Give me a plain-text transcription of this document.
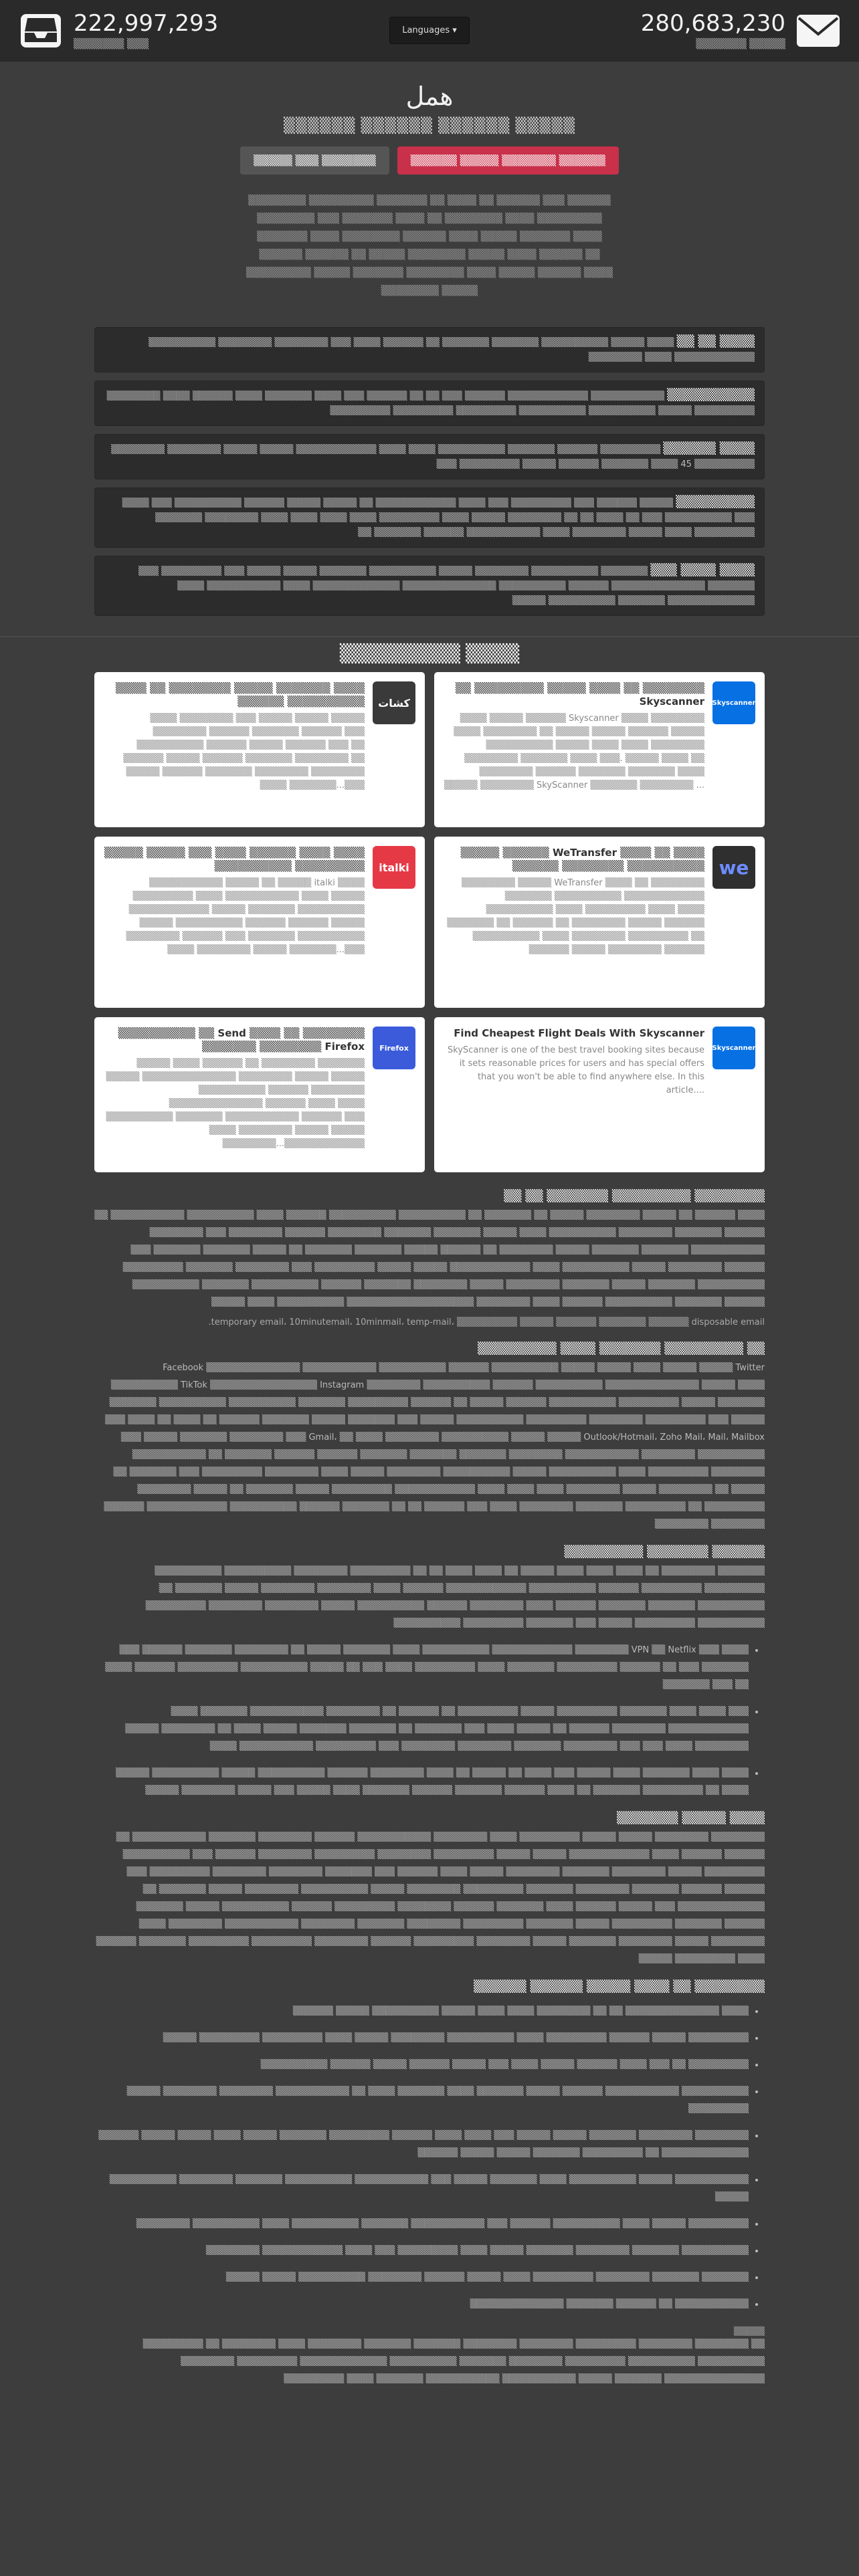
222,997,293
▒▒▒▒▒▒▒ ▒▒▒
Languages ▾	280,683,230
▒▒▒▒▒▒▒ ▒▒▒▒▒
ﻫﻤﻞ
▒▒▒▒▒▒ ▒▒▒▒▒▒ ▒▒▒▒▒▒ ▒▒▒▒▒
▒▒▒▒▒ ▒▒▒ ▒▒▒▒▒▒▒	▒▒▒▒▒▒ ▒▒▒▒▒ ▒▒▒▒▒▒▒ ▒▒▒▒▒▒
▒▒▒▒▒▒▒▒ ▒▒▒▒▒▒▒▒▒ ▒▒▒▒▒▒▒ ▒▒ ▒▒▒▒ ▒▒ ▒▒▒▒▒▒ ▒▒▒ ▒▒▒▒▒▒ ▒▒▒▒▒▒▒▒ ▒▒▒ ▒▒▒▒▒▒▒ ▒▒▒▒ ▒▒ ▒▒▒▒▒▒▒▒ ▒▒▒▒ ▒▒▒▒▒▒▒▒▒ ▒▒▒▒▒▒▒ ▒▒▒▒ ▒▒▒▒▒▒▒▒ ▒▒▒▒▒▒ ▒▒▒▒ ▒▒▒▒▒ ▒▒▒▒▒▒▒ ▒▒▒▒ ▒▒▒▒▒▒ ▒▒▒▒▒▒ ▒▒ ▒▒▒▒▒ ▒▒▒▒▒▒▒▒ ▒▒▒▒▒ ▒▒▒▒ ▒▒▒▒▒▒ ▒▒ ▒▒▒▒▒▒▒▒▒ ▒▒▒▒▒ ▒▒▒▒▒▒▒ ▒▒▒▒▒▒▒▒ ▒▒▒▒ ▒▒▒▒▒ ▒▒▒▒▒▒ ▒▒▒▒ ▒▒▒▒▒▒▒▒ ▒▒▒▒▒
▒▒▒▒ ▒▒ ▒▒ ▒▒▒▒ ▒▒▒▒▒ ▒▒▒▒▒▒▒▒▒▒ ▒▒▒▒▒▒▒ ▒▒▒▒▒▒▒ ▒▒ ▒▒▒▒▒▒ ▒▒▒▒ ▒▒▒ ▒▒▒▒▒▒▒▒ ▒▒▒▒▒▒▒▒ ▒▒▒▒▒▒▒▒▒▒ ▒▒▒▒▒▒▒▒▒▒▒▒ ▒▒▒▒ ▒▒▒▒▒▒▒▒
▒▒▒▒▒▒▒▒▒▒ ▒▒▒▒▒▒▒▒▒▒▒ ▒▒▒▒▒▒▒▒▒▒▒▒ ▒▒▒▒▒▒ ▒▒▒ ▒▒ ▒▒ ▒▒▒▒▒▒ ▒▒▒ ▒▒▒▒ ▒▒▒▒▒▒▒ ▒▒▒▒ ▒▒▒▒▒▒ ▒▒▒▒ ▒▒▒▒▒▒▒▒ ▒▒▒▒▒▒▒▒▒ ▒▒▒▒▒ ▒▒▒▒▒▒▒▒▒▒ ▒▒▒▒▒▒▒▒▒▒ ▒▒▒▒▒▒▒▒▒ ▒▒▒▒▒▒▒▒▒ ▒▒▒▒▒▒▒▒▒
▒▒▒▒ ▒▒▒▒▒▒ ▒▒▒▒▒▒▒▒▒ ▒▒▒▒▒▒ ▒▒▒▒▒▒▒ ▒▒▒▒▒▒▒▒▒▒ ▒▒▒▒ ▒▒▒▒ ▒▒▒▒▒▒▒▒▒▒▒▒ ▒▒▒▒▒ ▒▒▒▒▒ ▒▒▒▒▒▒▒▒ ▒▒▒▒▒▒▒▒ ▒▒▒▒▒▒▒▒▒ 45 ▒▒▒▒ ▒▒▒▒▒▒▒ ▒▒▒▒▒▒ ▒▒▒▒▒ ▒▒▒▒▒▒▒▒▒ ▒▒▒
▒▒▒▒▒▒▒▒▒ ▒▒▒▒▒ ▒▒▒▒▒▒ ▒▒▒ ▒▒▒▒▒▒▒▒▒ ▒▒▒ ▒▒▒▒ ▒▒▒▒▒▒▒▒▒▒▒▒ ▒▒ ▒▒▒▒▒ ▒▒▒▒▒ ▒▒▒▒▒▒ ▒▒▒▒▒▒▒▒▒▒ ▒▒▒ ▒▒▒▒ ▒▒▒ ▒▒▒▒▒▒▒▒▒▒ ▒▒▒ ▒▒ ▒▒▒▒ ▒▒ ▒▒ ▒▒▒▒▒▒▒▒ ▒▒▒▒▒ ▒▒▒▒ ▒▒▒▒▒▒▒▒▒ ▒▒▒▒ ▒▒▒▒ ▒▒▒▒ ▒▒▒▒ ▒▒▒▒▒▒▒▒ ▒▒▒▒▒▒▒ ▒▒▒▒▒▒▒▒▒ ▒▒▒▒ ▒▒▒▒▒ ▒▒▒▒▒▒▒▒ ▒▒▒▒ ▒▒▒▒▒▒▒▒▒▒▒ ▒▒▒▒▒▒ ▒▒▒▒▒▒▒ ▒▒
▒▒▒▒ ▒▒▒▒ ▒▒▒ ▒▒▒▒▒▒▒ ▒▒▒▒▒▒▒▒▒▒ ▒▒▒▒▒▒▒▒ ▒▒▒▒▒ ▒▒▒▒▒▒▒▒▒▒ ▒▒▒▒▒▒▒ ▒▒▒▒▒ ▒▒▒▒▒ ▒▒▒ ▒▒▒▒▒▒▒▒▒ ▒▒▒ ▒▒▒▒▒▒▒ ▒▒▒▒▒▒▒▒▒▒▒▒▒▒ ▒▒▒▒▒▒ ▒▒▒▒▒▒▒▒▒▒ ▒▒▒▒▒▒▒▒▒▒▒▒▒▒ ▒▒▒▒▒▒▒▒▒▒▒▒▒ ▒▒▒▒ ▒▒▒▒▒▒▒▒▒▒▒ ▒▒▒▒ ▒▒▒▒▒▒▒▒▒▒▒▒▒ ▒▒▒▒▒▒▒ ▒▒▒▒▒▒▒▒▒▒ ▒▒▒▒▒
▒▒▒▒▒▒▒▒▒ ▒▒▒▒
ﻛﺸﺎﺕ
▒▒▒▒ ▒▒ ▒▒▒▒▒▒▒▒ ▒▒▒▒▒ ▒▒▒▒▒▒▒ ▒▒▒▒ ▒▒▒▒▒▒ ▒▒▒▒▒▒▒▒▒▒
▒▒▒▒ ▒▒▒▒▒▒▒▒ ▒▒▒ ▒▒▒▒▒ ▒▒▒▒▒ ▒▒▒▒▒ ▒▒▒▒▒▒▒▒ ▒▒▒▒▒▒ ▒▒▒▒▒▒▒ ▒▒▒▒▒▒ ▒▒▒ ▒▒▒▒▒▒▒▒▒▒ ▒▒▒▒▒▒ ▒▒▒▒▒ ▒▒▒▒▒▒ ▒▒▒ ▒▒ ▒▒▒▒▒▒ ▒▒▒▒▒ ▒▒▒▒▒▒ ▒▒▒▒▒▒▒ ▒▒▒▒▒▒▒▒ ▒▒ ▒▒▒▒▒ ▒▒▒▒▒▒ ▒▒▒▒▒▒▒ ▒▒▒▒▒▒▒▒ ▒▒▒▒▒▒▒▒ ▒▒▒▒ ▒▒▒▒▒▒▒...▒▒▒
Skyscanner
▒▒ ▒▒▒▒▒▒▒▒▒ ▒▒▒▒▒ ▒▒▒▒ ▒▒ ▒▒▒▒▒▒▒▒ Skyscanner
▒▒▒▒ ▒▒▒▒▒ ▒▒▒▒▒▒ Skyscanner ▒▒▒▒ ▒▒▒▒▒▒▒▒ ▒▒▒▒ ▒▒▒▒▒▒▒▒ ▒▒ ▒▒▒▒▒ ▒▒▒▒▒ ▒▒▒▒▒▒ ▒▒▒▒▒ ▒▒▒▒▒▒▒▒▒▒ ▒▒▒▒▒ ▒▒▒▒ ▒▒▒▒ ▒▒▒▒▒▒▒▒ ▒▒▒▒▒▒▒▒ ▒▒▒▒▒▒▒ ▒▒▒▒ ▒▒▒. ▒▒▒▒▒ ▒▒▒▒ ▒▒ ▒▒▒▒▒▒▒▒ ▒▒▒▒▒▒ ▒▒▒▒▒▒▒ ▒▒▒▒▒▒▒ ▒▒▒▒ ▒▒▒▒▒ ▒▒▒▒▒▒▒▒ SkyScanner ▒▒▒▒▒▒▒ ▒▒▒▒▒▒▒▒ ...
italki
▒▒▒▒▒ ▒▒▒▒▒ ▒▒▒ ▒▒▒▒ ▒▒▒▒▒▒ ▒▒▒▒ ▒▒▒▒ ▒▒▒▒▒▒▒▒▒▒ ▒▒▒▒▒▒▒▒▒
▒▒▒▒▒▒▒▒▒▒▒ ▒▒▒▒▒ ▒▒ ▒▒▒▒▒ italki ▒▒▒▒ ▒▒▒▒▒▒▒▒▒ ▒▒▒▒ ▒▒▒▒▒▒▒▒▒▒▒ ▒▒▒▒ ▒▒▒▒▒ ▒▒▒▒▒▒▒▒▒▒▒▒ ▒▒▒▒▒ ▒▒▒▒▒▒▒ ▒▒▒▒▒▒▒▒▒▒ ▒▒▒▒▒ ▒▒▒▒▒▒▒▒▒▒ ▒▒▒▒▒▒ ▒▒▒▒▒▒ ▒▒▒▒▒ ▒▒▒▒▒▒▒▒ ▒▒▒▒▒▒ ▒▒▒ ▒▒▒▒▒▒▒ ▒▒▒▒▒▒▒▒▒▒ ▒▒▒▒ ▒▒▒▒▒▒▒▒ ▒▒▒▒▒ ▒▒▒▒▒▒▒...▒▒▒
we
▒▒▒▒▒ ▒▒▒▒▒▒ WeTransfer ▒▒▒▒ ▒▒ ▒▒▒▒ ▒▒▒▒▒▒ ▒▒▒▒▒▒▒▒ ▒▒▒▒▒▒▒▒▒▒
▒▒▒▒▒▒▒▒ ▒▒▒▒▒ WeTransfer ▒▒▒▒ ▒▒ ▒▒▒▒▒▒▒▒ ▒▒▒▒▒▒▒ ▒▒▒▒▒▒▒▒▒▒ ▒▒▒▒▒▒▒▒▒▒▒▒ ▒▒▒▒▒▒▒▒▒▒ ▒▒▒▒ ▒▒▒▒▒▒▒▒▒ ▒▒▒▒ ▒▒▒▒ ▒▒▒▒▒▒▒ ▒▒ ▒▒▒▒▒▒ ▒▒ ▒▒▒▒▒▒▒▒ ▒▒▒▒▒ ▒▒▒▒▒▒ ▒▒▒▒▒▒▒▒▒▒ ▒▒▒▒ ▒▒▒▒▒▒▒▒ ▒▒▒▒▒▒▒▒▒ ▒▒ ▒▒▒▒▒▒ ▒▒▒▒▒ ▒▒▒▒▒▒▒▒ ▒▒▒▒▒▒
Firefox
▒▒▒▒▒▒▒▒▒▒ ▒▒ Send ▒▒▒▒ ▒▒ ▒▒▒▒▒▒▒▒ ▒▒▒▒▒▒▒ ▒▒▒▒▒▒▒▒ Firefox
▒▒▒▒▒ ▒▒▒▒ ▒▒▒▒▒▒ ▒▒ ▒▒▒▒▒▒▒▒ ▒▒▒▒▒▒▒ ▒▒▒▒▒ ▒▒▒▒▒▒▒▒▒▒▒▒▒▒ ▒▒▒▒▒▒▒▒ ▒▒▒▒▒ ▒▒▒▒▒ ▒▒▒▒▒▒▒▒▒▒ ▒▒▒▒▒▒ ▒▒▒▒▒▒▒▒ ▒▒▒▒▒▒▒▒▒▒▒▒▒▒ ▒▒▒▒▒▒ ▒▒▒▒ ▒▒▒▒ ▒▒▒▒▒▒▒▒▒▒ ▒▒▒▒▒▒▒ ▒▒▒▒▒▒▒▒▒▒▒ ▒▒▒▒▒▒ ▒▒▒ ▒▒▒▒ ▒▒▒▒▒▒▒▒ ▒▒▒▒▒ ▒▒▒▒▒ ▒▒▒▒▒▒▒▒...▒▒▒▒▒▒▒▒▒▒▒▒
Skyscanner
Find Cheapest Flight Deals With Skyscanner
SkyScanner is one of the best travel booking sites because it sets reasonable prices for users and has special offers that you won't be able to find anywhere else. In this article....
▒▒▒▒▒▒▒▒ ▒▒▒▒▒▒▒▒▒ ▒▒▒▒▒▒▒ ▒▒ ▒▒

▒▒▒▒ ▒▒▒▒▒▒ ▒▒ ▒▒▒▒▒ ▒▒▒▒▒▒▒▒ ▒▒▒▒▒ ▒▒ ▒▒▒▒▒▒▒ ▒▒ ▒▒▒▒▒▒▒▒▒▒ ▒▒▒▒▒▒▒▒▒▒ ▒▒▒▒▒▒ ▒▒▒▒ ▒▒▒▒▒▒▒▒▒▒ ▒▒▒▒▒▒▒▒▒▒▒ ▒▒ ▒▒▒▒▒▒ ▒▒▒▒▒▒▒ ▒▒▒▒▒▒▒▒ ▒▒▒▒▒▒▒▒▒▒ ▒▒▒▒ ▒▒▒▒▒ ▒▒▒▒▒▒▒ ▒▒▒▒▒▒▒ ▒▒▒▒▒▒▒▒ ▒▒▒▒▒▒ ▒▒▒▒▒▒▒▒ ▒▒▒ ▒▒▒▒▒▒▒▒ ▒▒▒▒▒▒▒▒▒▒▒ ▒▒▒▒▒▒▒ ▒▒▒▒▒▒▒ ▒▒▒▒▒ ▒▒▒▒▒▒▒▒ ▒▒ ▒▒▒▒▒▒ ▒▒▒▒▒ ▒▒▒▒▒▒▒ ▒▒▒▒▒▒▒ ▒▒ ▒▒▒▒▒ ▒▒▒▒▒▒▒ ▒▒▒▒▒▒▒ ▒▒▒ ▒▒▒▒▒▒ ▒▒▒▒▒▒▒▒ ▒▒▒▒▒ ▒▒▒▒▒▒▒▒▒▒ ▒▒▒▒ ▒▒▒▒▒▒▒▒▒▒▒▒ ▒▒▒▒▒ ▒▒▒▒▒ ▒▒▒▒▒▒▒▒▒ ▒▒▒ ▒▒▒▒▒▒▒▒ ▒▒▒▒▒▒▒ ▒▒▒▒▒▒▒▒▒ ▒▒▒▒▒▒▒▒▒▒ ▒▒▒▒▒▒▒ ▒▒▒▒▒ ▒▒▒▒▒▒▒ ▒▒▒▒▒▒▒▒ ▒▒▒▒▒ ▒▒▒▒▒▒▒▒ ▒▒▒▒▒▒▒ ▒▒▒▒▒▒ ▒▒▒▒▒▒▒▒▒▒ ▒▒▒▒▒▒▒ ▒▒▒▒▒▒▒▒▒▒ ▒▒▒▒▒▒ ▒▒▒▒▒▒▒ ▒▒▒▒▒▒▒▒▒▒ ▒▒▒▒▒▒ ▒▒▒▒ ▒▒▒▒▒▒▒▒ ▒▒▒▒▒▒▒▒▒▒▒▒▒▒▒▒▒▒▒ ▒▒▒▒▒▒▒▒▒▒ ▒▒▒▒ ▒▒▒▒▒

temporary email، 10minutemail، 10minmail، temp-mail، ▒▒▒▒▒▒▒▒▒ ▒▒▒▒▒ ▒▒▒▒▒▒ ▒▒▒▒▒▒▒ ▒▒▒▒▒▒ disposable email.
▒▒ ▒▒▒▒▒▒▒▒▒ ▒▒▒▒▒▒▒ ▒▒▒▒ ▒▒▒▒▒▒▒▒▒

Facebook ▒▒▒▒▒▒▒▒▒▒▒▒▒▒ ▒▒▒▒▒▒▒▒▒▒▒ ▒▒▒▒▒▒▒▒▒▒ ▒▒▒▒▒▒ ▒▒▒▒▒▒▒▒▒▒ ▒▒▒▒▒ ▒▒▒▒▒ ▒▒▒▒ ▒▒▒▒▒ ▒▒▒▒▒ Twitter ▒▒▒▒▒▒▒▒▒▒ TikTok ▒▒▒▒▒▒▒▒▒▒▒▒▒▒▒▒ Instagram ▒▒▒▒▒▒▒▒ ▒▒▒▒▒▒▒▒▒▒ ▒▒▒▒▒▒ ▒▒▒▒▒▒▒▒▒▒ ▒▒▒▒▒▒▒▒▒▒▒▒▒▒ ▒▒▒▒▒ ▒▒▒▒ ▒▒▒▒▒▒▒ ▒▒▒▒▒▒▒▒▒▒ ▒▒▒▒▒▒▒▒▒▒ ▒▒▒▒▒▒▒ ▒▒▒▒▒▒▒▒▒ ▒▒▒▒▒▒ ▒▒ ▒▒▒▒▒ ▒▒▒▒▒▒ ▒▒▒▒▒▒▒▒▒▒ ▒▒▒▒▒▒▒▒▒ ▒▒▒▒▒ ▒▒▒▒▒▒▒ ▒▒▒ ▒▒▒▒ ▒▒ ▒▒▒▒ ▒▒ ▒▒▒▒▒▒ ▒▒▒▒▒▒▒ ▒▒▒▒▒ ▒▒▒▒▒▒▒ ▒▒▒ ▒▒▒▒▒ ▒▒▒▒▒▒▒▒▒▒ ▒▒▒▒▒▒▒▒▒ ▒▒▒▒▒▒▒▒ ▒▒▒▒▒▒▒▒▒ ▒▒▒ ▒▒▒▒▒ ▒▒▒▒▒ ▒▒▒▒▒▒▒ ▒▒▒▒▒▒▒▒ ▒▒▒ Gmail، ▒▒ ▒▒▒▒ ▒▒▒▒▒▒▒▒ ▒▒▒▒▒▒▒▒▒▒ ▒▒▒▒▒ ▒▒▒▒▒ Outlook/Hotmail، Zoho Mail، Mail، Mailbox ▒▒▒ ▒▒▒▒▒▒▒▒▒▒ ▒▒▒▒▒▒▒▒ ▒▒▒▒▒▒▒▒▒▒▒ ▒▒▒▒▒▒▒▒ ▒▒▒▒▒▒▒ ▒▒▒▒▒▒▒ ▒▒▒▒▒▒▒ ▒▒▒▒▒▒ ▒▒▒▒▒▒ ▒▒▒▒▒▒▒ ▒▒ ▒▒▒▒▒▒▒▒▒▒▒ ▒▒▒▒▒▒▒▒ ▒▒▒▒▒▒▒▒▒ ▒▒▒▒ ▒▒▒▒▒▒▒▒▒▒ ▒▒▒▒▒ ▒▒▒▒▒▒▒▒▒▒ ▒▒▒▒▒▒▒▒ ▒▒▒▒▒ ▒▒▒▒ ▒▒▒▒▒▒▒▒ ▒▒▒▒▒▒▒▒▒ ▒▒▒ ▒▒▒▒▒▒▒ ▒▒ ▒▒▒▒▒ ▒▒ ▒▒▒▒▒▒▒▒ ▒▒▒▒▒ ▒▒▒▒▒▒▒▒ ▒▒▒▒ ▒▒▒▒ ▒▒▒▒ ▒▒▒▒▒▒▒▒▒▒▒▒ ▒▒▒▒▒▒▒▒▒ ▒▒▒▒▒ ▒▒▒▒▒▒▒ ▒▒ ▒▒▒▒▒ ▒▒▒▒▒▒▒▒ ▒▒▒▒▒▒▒▒▒ ▒▒ ▒▒▒▒▒▒▒▒▒ ▒▒▒▒▒▒▒ ▒▒▒▒▒▒▒▒ ▒▒▒▒ ▒▒▒ ▒▒▒▒▒▒ ▒▒ ▒▒ ▒▒▒▒▒▒▒ ▒▒▒▒▒▒ ▒▒▒▒▒▒▒▒▒▒ ▒▒▒▒▒▒▒▒▒▒▒▒ ▒▒▒▒▒▒ ▒▒▒▒▒▒▒▒ ▒▒▒▒▒▒▒▒

▒▒▒▒▒▒ ▒▒▒▒▒▒▒ ▒▒▒▒▒▒▒▒▒

▒▒▒▒▒▒▒ ▒▒▒▒▒▒▒▒ ▒▒ ▒▒▒▒ ▒▒▒▒ ▒▒▒▒ ▒▒▒▒▒ ▒▒ ▒▒▒▒ ▒▒▒▒ ▒▒ ▒▒ ▒▒▒▒▒▒▒▒▒ ▒▒▒▒▒▒▒▒ ▒▒▒▒▒▒▒▒▒▒ ▒▒▒▒▒▒▒▒▒▒ ▒▒▒▒▒▒▒▒▒ ▒▒▒▒▒▒▒▒▒ ▒▒▒▒▒▒ ▒▒▒▒▒▒▒▒▒▒ ▒▒▒▒▒▒▒▒▒▒▒▒ ▒▒▒▒▒▒ ▒▒▒▒ ▒▒▒▒▒▒▒▒ ▒▒▒▒▒▒▒▒ ▒▒▒▒▒ ▒▒▒▒▒▒▒ ▒▒ ▒▒▒▒▒▒▒▒▒▒ ▒▒▒▒▒▒▒ ▒▒▒▒▒▒▒ ▒▒▒▒▒▒ ▒▒▒▒ ▒▒▒▒▒▒▒▒ ▒▒▒▒▒▒ ▒▒▒▒▒▒▒▒▒▒ ▒▒▒▒▒ ▒▒▒▒▒▒▒▒ ▒▒▒▒▒▒▒▒ ▒▒▒▒▒▒▒▒▒ ▒▒▒▒▒▒▒▒▒▒ ▒▒▒▒▒▒▒▒▒ ▒▒▒▒▒ ▒▒▒ ▒▒▒▒▒▒▒ ▒▒▒▒▒▒▒▒▒ ▒▒▒▒▒▒▒▒▒▒

• ▒▒▒▒ ▒▒▒ VPN ▒▒ Netflix ▒▒▒▒▒▒▒▒ ▒▒▒▒▒▒▒▒▒▒▒▒ ▒▒▒▒▒▒▒▒▒▒ ▒▒▒▒ ▒▒▒▒▒▒▒ ▒▒▒▒▒ ▒▒ ▒▒▒▒▒▒▒▒ ▒▒▒▒▒▒▒ ▒▒▒▒▒▒ ▒▒▒ ▒▒▒▒▒▒▒ ▒▒▒ ▒▒ ▒▒▒▒▒▒ ▒▒▒▒▒▒▒▒▒ ▒▒▒▒▒▒▒ ▒▒▒▒ ▒▒▒▒▒▒▒▒▒ ▒▒▒▒ ▒▒▒ ▒▒ ▒▒▒▒▒ ▒▒▒▒▒▒▒▒▒▒ ▒▒▒▒▒▒▒▒▒ ▒▒▒▒▒▒ ▒▒▒▒ ▒▒ ▒▒▒ ▒▒▒▒▒▒▒
• ▒▒▒ ▒▒▒▒ ▒▒▒▒ ▒▒▒▒▒▒▒ ▒▒▒▒▒▒▒▒▒ ▒▒▒▒▒ ▒▒▒▒▒▒▒▒▒ ▒▒ ▒▒▒▒▒▒ ▒▒ ▒▒▒▒▒▒▒▒ ▒▒▒▒▒▒▒▒▒▒▒ ▒▒▒▒▒▒▒ ▒▒▒▒ ▒▒▒▒▒▒▒▒▒▒▒▒ ▒▒▒▒▒▒▒▒ ▒▒▒▒▒▒ ▒▒ ▒▒▒▒▒ ▒▒▒▒ ▒▒▒ ▒▒▒▒▒▒▒ ▒▒ ▒▒▒▒▒▒▒ ▒▒▒▒▒▒▒ ▒▒▒▒▒ ▒▒▒▒ ▒▒ ▒▒▒▒▒▒▒▒ ▒▒▒▒▒ ▒▒▒▒▒▒▒▒ ▒▒▒▒ ▒▒▒ ▒▒▒ ▒▒▒▒▒▒▒▒ ▒▒▒▒▒▒▒ ▒▒▒▒▒▒▒▒ ▒▒▒▒▒▒▒▒ ▒▒▒ ▒▒▒▒▒▒▒▒▒ ▒▒▒▒▒▒▒▒▒▒▒ ▒▒▒▒
• ▒▒▒▒ ▒▒▒▒ ▒▒▒▒▒▒▒ ▒▒▒▒ ▒▒▒▒▒ ▒▒▒ ▒▒▒▒ ▒▒ ▒▒▒▒▒ ▒▒ ▒▒▒▒ ▒▒▒▒▒▒▒▒ ▒▒▒▒▒▒ ▒▒▒▒▒▒▒▒▒▒ ▒▒▒▒▒ ▒▒▒▒▒▒▒▒▒▒ ▒▒▒▒▒ ▒▒▒▒ ▒▒ ▒▒▒▒▒▒▒▒▒ ▒▒▒▒▒▒▒ ▒▒ ▒▒▒▒ ▒▒▒▒▒▒ ▒▒▒▒▒▒▒ ▒▒▒▒▒▒ ▒▒▒▒▒▒▒ ▒▒▒▒ ▒▒▒▒▒ ▒▒▒ ▒▒▒▒▒ ▒▒▒▒▒▒▒▒ ▒▒▒▒▒
▒▒▒▒ ▒▒▒▒▒ ▒▒▒▒▒▒▒

▒▒▒▒▒▒▒▒ ▒▒▒▒▒▒▒▒ ▒▒▒▒▒ ▒▒▒▒▒ ▒▒▒▒▒▒▒▒▒ ▒▒▒▒ ▒▒▒▒▒▒▒▒ ▒▒▒▒▒▒▒▒▒▒▒ ▒▒▒▒▒▒ ▒▒▒▒▒▒▒▒ ▒▒▒▒▒▒▒ ▒▒▒▒▒▒▒▒▒▒▒ ▒▒ ▒▒▒▒▒▒ ▒▒▒▒▒▒ ▒▒▒▒ ▒▒▒▒▒▒▒▒▒▒▒▒ ▒▒▒▒▒ ▒▒▒▒▒ ▒▒▒▒▒▒▒▒▒ ▒▒▒▒▒▒▒▒ ▒▒▒▒▒▒▒▒▒ ▒▒▒▒▒▒▒▒ ▒▒▒▒▒▒ ▒▒▒ ▒▒▒▒▒▒▒▒▒▒ ▒▒▒▒▒▒▒▒▒ ▒▒▒▒▒ ▒▒▒▒▒▒▒▒ ▒▒▒▒▒▒▒ ▒▒▒▒▒▒▒▒ ▒▒▒▒▒ ▒▒▒▒ ▒▒▒▒▒▒ ▒▒▒ ▒▒▒▒▒▒▒ ▒▒▒▒▒▒▒▒ ▒▒▒▒▒▒▒▒ ▒▒▒▒▒▒▒▒▒ ▒▒▒ ▒▒▒▒▒▒ ▒▒▒▒▒▒ ▒▒▒▒▒▒▒ ▒▒▒▒▒▒▒▒ ▒▒▒▒▒▒▒ ▒▒▒▒▒▒▒▒▒ ▒▒▒▒▒▒▒▒ ▒▒▒▒▒ ▒▒▒▒▒▒▒▒▒▒ ▒▒▒▒▒▒▒▒ ▒▒▒▒▒ ▒▒▒▒▒▒▒ ▒▒ ▒▒▒▒▒▒▒▒▒▒▒▒▒ ▒▒▒ ▒▒▒▒▒ ▒▒▒▒▒▒ ▒▒▒▒ ▒▒▒▒▒▒▒ ▒▒▒▒▒▒ ▒▒▒▒▒▒▒▒ ▒▒▒▒▒▒▒▒▒ ▒▒▒▒▒▒ ▒▒▒▒▒▒▒▒▒▒ ▒▒▒▒▒ ▒▒▒▒▒▒▒ ▒▒▒▒▒▒ ▒▒▒▒▒▒▒ ▒▒▒▒▒▒▒▒▒ ▒▒▒▒▒ ▒▒▒▒▒▒▒ ▒▒▒▒▒▒▒▒▒ ▒▒▒▒▒▒▒▒ ▒▒▒▒▒▒▒ ▒▒▒▒▒▒▒▒ ▒▒▒▒▒▒▒▒▒▒▒ ▒▒▒▒▒▒▒▒ ▒▒▒▒ ▒▒▒▒▒▒▒▒ ▒▒▒▒▒ ▒▒▒▒▒▒▒▒ ▒▒▒▒▒▒▒ ▒▒▒▒▒ ▒▒▒▒▒▒▒▒ ▒▒▒▒▒▒▒▒▒ ▒▒▒▒▒▒ ▒▒▒▒▒▒▒▒ ▒▒▒▒▒▒▒▒▒ ▒▒▒▒▒▒▒▒▒ ▒▒▒▒▒▒▒ ▒▒▒▒▒▒ ▒▒▒▒ ▒▒▒▒▒▒▒▒▒ ▒▒▒▒▒

▒▒▒▒▒▒▒▒ ▒▒ ▒▒▒▒ ▒▒▒▒▒ ▒▒▒▒▒▒ ▒▒▒▒▒▒
• ▒▒▒▒ ▒▒▒▒▒▒▒▒▒▒▒▒▒▒ ▒▒ ▒▒ ▒▒▒▒▒▒▒▒ ▒▒▒▒ ▒▒▒▒ ▒▒▒▒▒ ▒▒▒▒▒▒▒▒▒▒ ▒▒▒▒▒ ▒▒▒▒▒▒
• ▒▒▒▒▒▒▒▒▒ ▒▒▒▒▒ ▒▒▒▒▒▒ ▒▒▒▒▒▒▒▒▒ ▒▒▒▒ ▒▒▒▒▒▒▒▒▒▒ ▒▒▒▒▒▒▒▒ ▒▒▒▒▒ ▒▒▒▒ ▒▒▒▒▒▒▒▒▒ ▒▒▒▒▒▒▒▒▒ ▒▒▒▒▒
• ▒▒▒▒▒▒▒▒▒ ▒▒ ▒▒▒ ▒▒▒▒ ▒▒▒▒▒▒ ▒▒▒▒▒ ▒▒▒▒ ▒▒▒ ▒▒▒▒▒ ▒▒▒▒▒▒ ▒▒▒▒▒ ▒▒▒▒▒▒ ▒▒▒▒▒▒▒▒▒▒
• ▒▒▒▒▒▒▒▒▒▒ ▒▒▒▒▒▒▒▒▒▒▒ ▒▒▒▒▒▒ ▒▒▒▒▒ ▒▒▒▒▒▒▒ ▒▒▒▒ ▒▒▒▒▒▒▒ ▒▒▒▒ ▒▒ ▒▒▒▒▒▒▒▒▒▒▒ ▒▒▒▒▒▒▒▒ ▒▒▒▒▒▒▒▒ ▒▒▒▒▒ ▒▒▒▒▒▒▒▒▒
• ▒▒▒▒▒▒▒▒ ▒▒▒▒▒▒▒▒ ▒▒▒▒▒▒▒ ▒▒▒▒▒ ▒▒▒▒▒ ▒▒▒ ▒▒▒▒ ▒▒▒▒ ▒▒▒▒▒▒ ▒▒▒▒▒▒▒▒▒ ▒▒▒▒▒▒▒ ▒▒▒▒▒ ▒▒▒▒ ▒▒▒▒▒ ▒▒▒▒▒ ▒▒▒▒▒▒ ▒▒▒▒▒▒▒▒▒▒▒▒▒ ▒▒ ▒▒▒▒▒▒▒▒▒ ▒▒▒▒▒▒▒ ▒▒▒▒▒ ▒▒▒▒▒ ▒▒▒▒▒▒
• ▒▒▒▒▒▒▒▒▒▒▒ ▒▒▒▒▒ ▒▒▒▒▒▒▒▒▒▒ ▒▒▒▒ ▒▒▒▒▒▒▒ ▒▒▒▒▒ ▒▒▒ ▒▒▒▒▒▒▒▒▒▒▒ ▒▒▒▒▒▒▒▒▒▒ ▒▒▒▒▒▒▒ ▒▒▒▒▒▒▒▒ ▒▒▒▒▒▒▒▒▒▒ ▒▒▒▒▒
• ▒▒▒▒▒▒▒▒▒ ▒▒▒▒▒ ▒▒▒▒ ▒▒▒▒▒▒▒▒▒▒ ▒▒▒▒▒▒ ▒▒▒ ▒▒▒▒▒▒▒▒▒▒▒ ▒▒▒▒▒▒▒ ▒▒▒▒▒▒▒▒▒▒ ▒▒▒▒ ▒▒▒▒▒▒▒▒▒▒ ▒▒▒▒▒▒▒▒
• ▒▒▒▒▒▒▒▒▒▒ ▒▒▒▒▒▒▒ ▒▒▒▒▒▒▒▒ ▒▒▒▒▒▒▒ ▒▒▒▒▒ ▒▒▒▒ ▒▒▒▒▒▒▒▒▒ ▒▒▒ ▒▒▒▒ ▒▒▒▒▒▒▒▒▒▒▒▒ ▒▒▒▒▒▒▒▒
• ▒▒▒▒▒▒▒ ▒▒▒▒▒▒▒ ▒▒▒▒▒▒▒▒ ▒▒▒▒▒▒▒▒▒ ▒▒▒▒ ▒▒▒▒▒ ▒▒▒▒▒▒ ▒▒▒▒▒▒▒▒ ▒▒▒▒▒▒▒▒▒▒ ▒▒▒▒▒ ▒▒▒▒▒
• ▒▒▒▒▒▒▒▒▒▒▒ ▒▒ ▒▒▒▒▒▒ ▒▒▒▒▒▒▒ ▒▒▒▒▒▒▒▒▒▒▒▒▒▒
▒▒▒▒▒

▒▒ ▒▒▒▒▒▒▒▒ ▒▒▒▒▒▒▒▒ ▒▒▒▒▒▒▒▒▒ ▒▒▒▒▒▒▒▒ ▒▒▒▒▒▒▒▒ ▒▒▒▒▒▒▒ ▒▒▒▒▒▒▒ ▒▒▒▒▒▒▒▒ ▒▒▒▒ ▒▒▒▒▒▒▒▒ ▒▒ ▒▒▒▒▒▒▒▒▒ ▒▒▒▒▒▒▒▒▒▒ ▒▒▒▒▒▒▒▒▒▒ ▒▒▒▒▒▒▒▒▒ ▒▒▒▒▒▒▒▒ ▒▒▒▒▒▒▒ ▒▒▒▒▒▒▒▒▒▒ ▒▒▒▒▒▒▒▒▒▒▒▒▒ ▒▒▒▒▒▒▒▒▒ ▒▒▒▒▒▒▒▒ ▒▒▒▒▒▒▒▒▒▒▒▒▒▒▒ ▒▒▒▒▒▒▒ ▒▒▒▒▒ ▒▒▒▒▒▒▒▒▒▒▒ ▒▒▒▒▒▒▒▒▒▒▒ ▒▒▒▒▒▒▒ ▒▒▒▒ ▒▒▒▒▒▒▒▒▒
